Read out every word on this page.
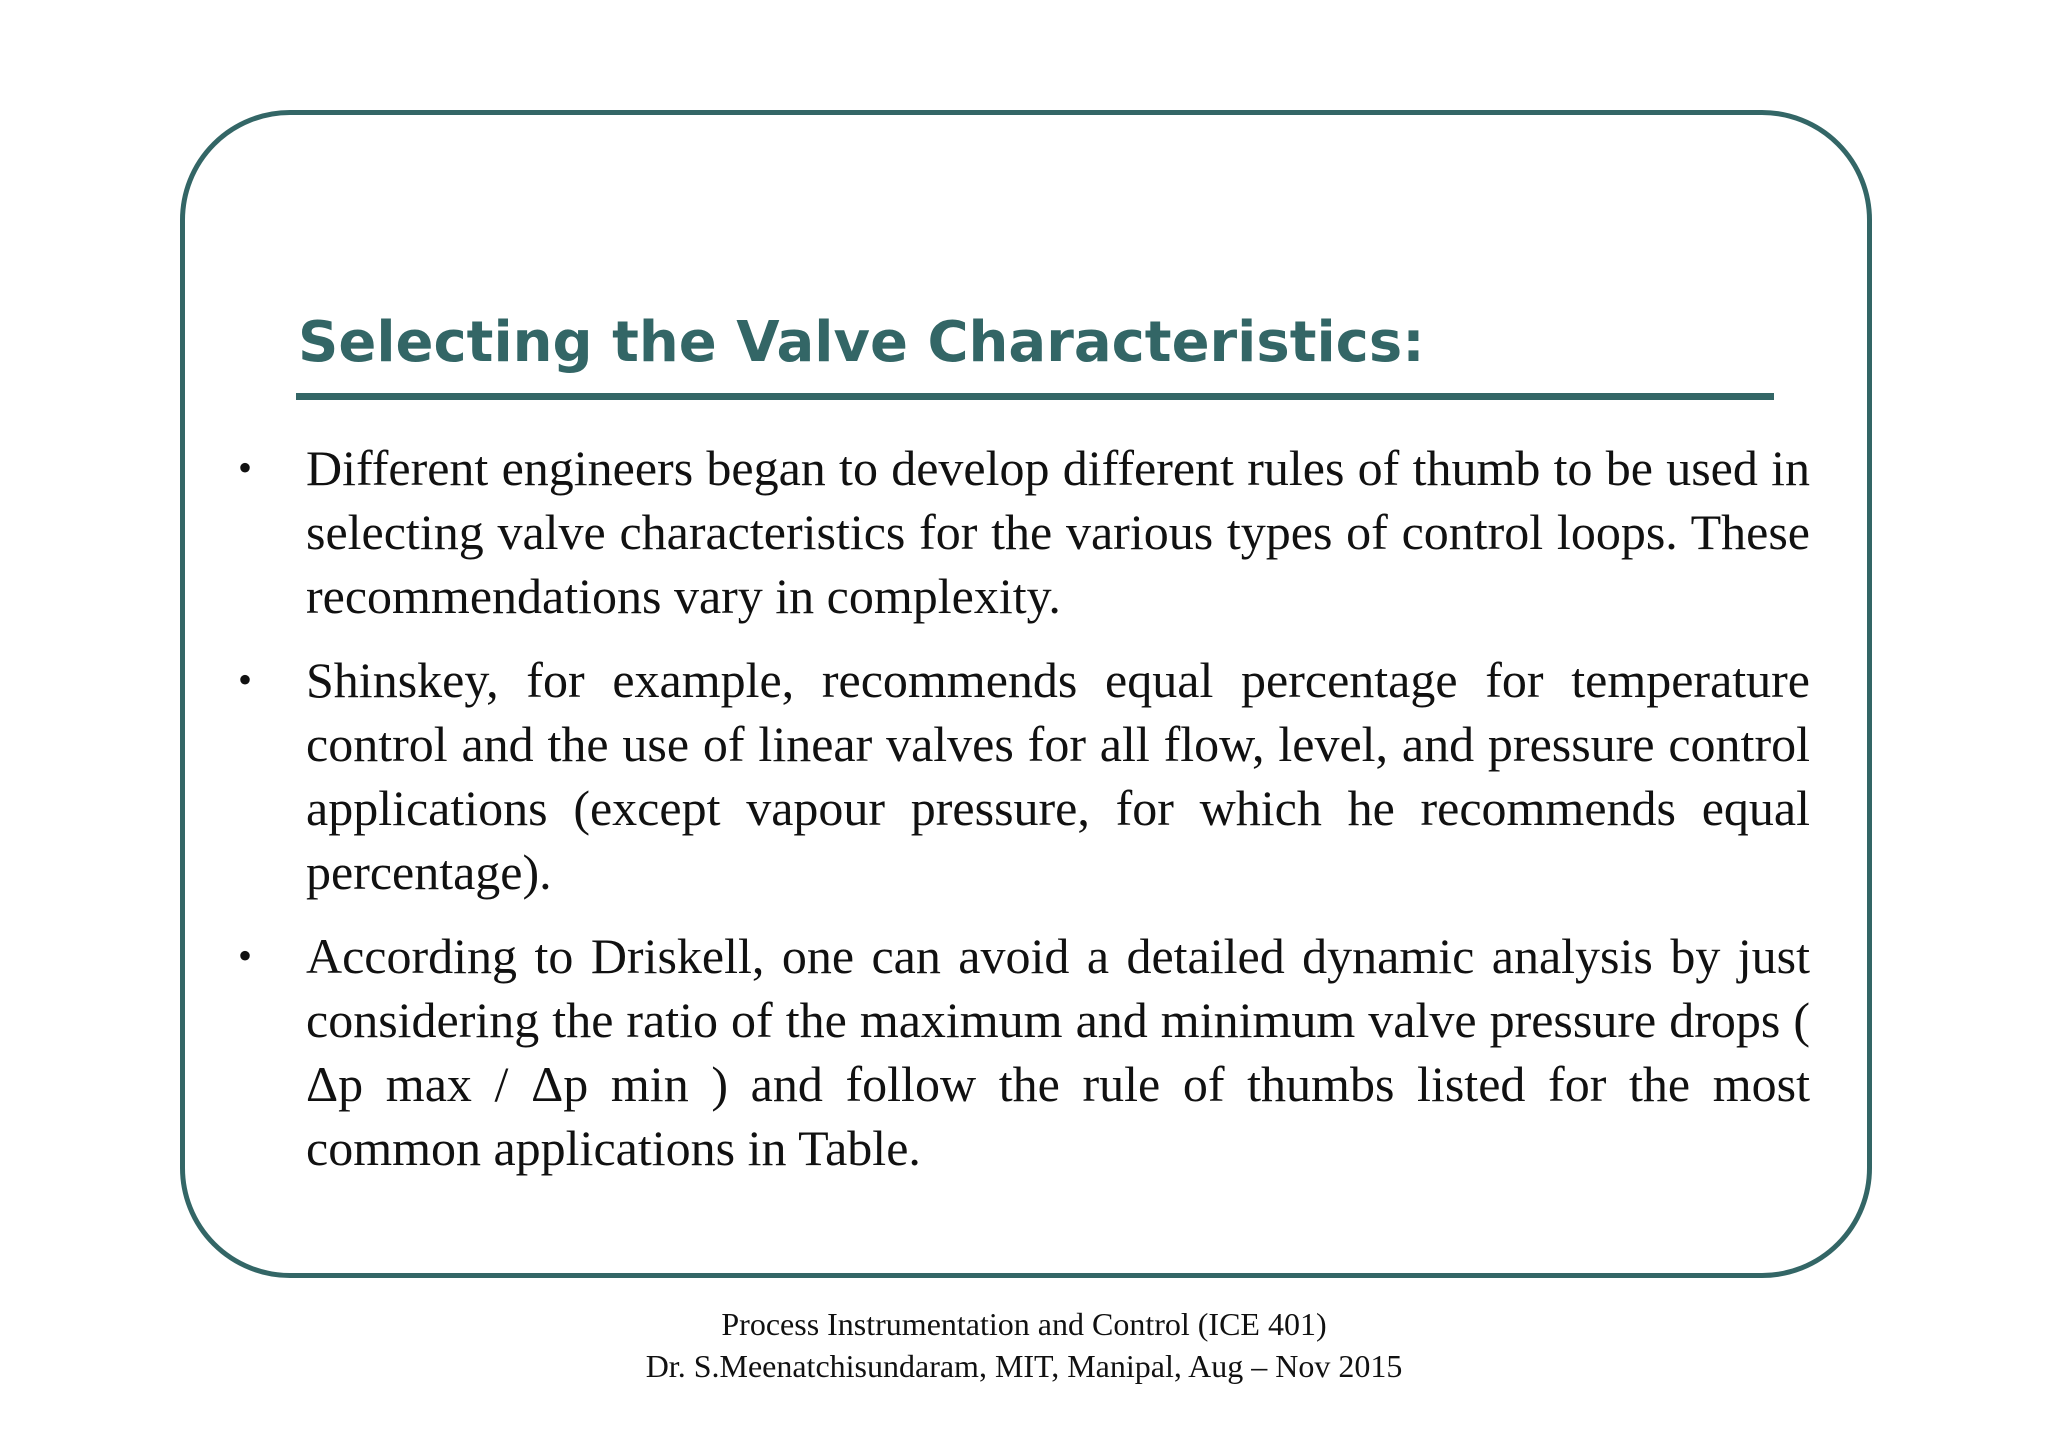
Selecting the Valve Characteristics:
• Different engineers began to develop different rules of thumb to be used in selecting valve characteristics for the various types of control loops. These recommendations vary in complexity.
• Shinskey, for example, recommends equal percentage for temperature control and the use of linear valves for all flow, level, and pressure control applications (except vapour pressure, for which he recommends equal percentage).
• According to Driskell, one can avoid a detailed dynamic analysis by just considering the ratio of the maximum and minimum valve pressure drops ( Δp max / Δp min ) and follow the rule of thumbs listed for the most common applications in Table.
Process Instrumentation and Control (ICE 401)
Dr. S.Meenatchisundaram, MIT, Manipal, Aug – Nov 2015
